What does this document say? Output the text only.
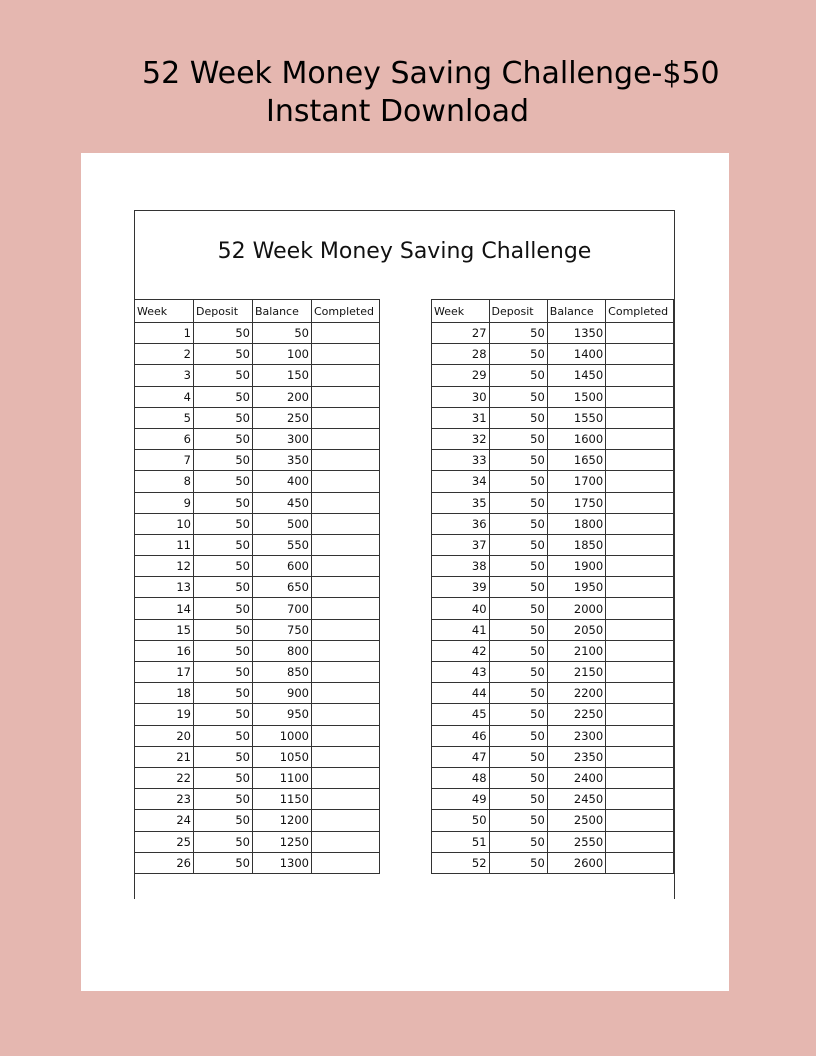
52 Week Money Saving Challenge-$50
Instant Download
52 Week Money Saving Challenge
Week	Deposit	Balance	Completed
1	50	50	
2	50	100	
3	50	150	
4	50	200	
5	50	250	
6	50	300	
7	50	350	
8	50	400	
9	50	450	
10	50	500	
11	50	550	
12	50	600	
13	50	650	
14	50	700	
15	50	750	
16	50	800	
17	50	850	
18	50	900	
19	50	950	
20	50	1000	
21	50	1050	
22	50	1100	
23	50	1150	
24	50	1200	
25	50	1250	
26	50	1300	
Week	Deposit	Balance	Completed
27	50	1350	
28	50	1400	
29	50	1450	
30	50	1500	
31	50	1550	
32	50	1600	
33	50	1650	
34	50	1700	
35	50	1750	
36	50	1800	
37	50	1850	
38	50	1900	
39	50	1950	
40	50	2000	
41	50	2050	
42	50	2100	
43	50	2150	
44	50	2200	
45	50	2250	
46	50	2300	
47	50	2350	
48	50	2400	
49	50	2450	
50	50	2500	
51	50	2550	
52	50	2600	
